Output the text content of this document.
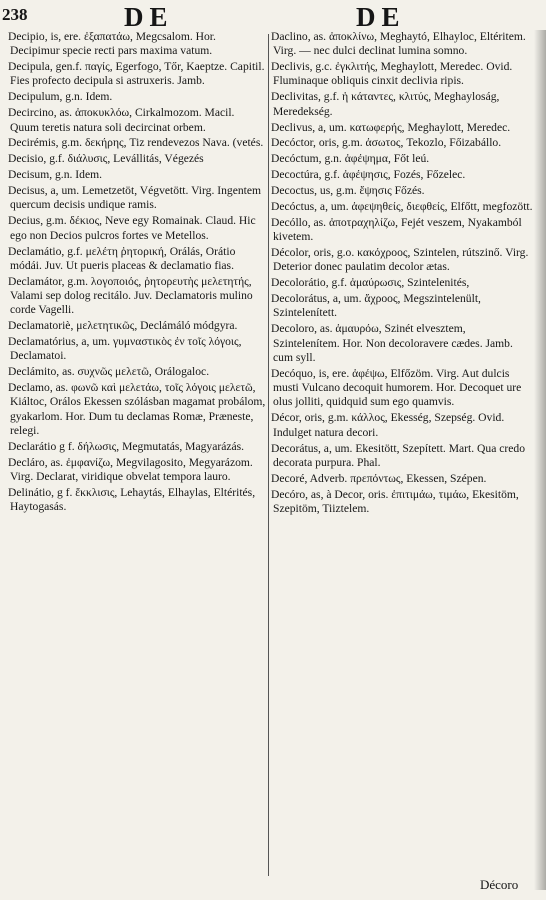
238	DE	DE
Decipio, is, ere. ἐξαπατάω, Megcsalom. Hor. Decipimur specie recti pars maxima vatum.
Decipula, gen.f. παγίς, Egerfogo, Tőr, Kaeptze. Capitil. Fies profecto decipula si astruxeris. Jamb.
Decipulum, g.n. Idem.
Decircino, as. ἀποκυκλόω, Cirkalmozom. Macil. Quum teretis natura soli decircinat orbem.
Decirémis, g.m. δεκήρης, Tiz rendevezos Nava. (vetés.
Decisio, g.f. διάλυσις, Levállitás, Végezés
Decisum, g.n. Idem.
Decisus, a, um. Lemetzetöt, Végvetött. Virg. Ingentem quercum decisis undique ramis.
Decius, g.m. δέκιος, Neve egy Romainak. Claud. Hic ego non Decios pulcros fortes ve Metellos.
Declamátio, g.f. μελέτη ῥητορική, Orálás, Orátio módái. Juv. Ut pueris placeas & declamatio fias.
Declamátor, g.m. λογοποιός, ῥητορευτὴς μελετητής, Valami sep dolog recitálo. Juv. Declamatoris mulino corde Vagelli.
Declamatoriè, μελετητικῶς, Declámáló módgyra.
Declamatórius, a, um. γυμναστικὸς ἐν τοῖς λόγοις, Declamatoi.
Declámito, as. συχνῶς μελετῶ, Orálogaloc.
Declamo, as. φωνῶ καὶ μελετάω, τοῖς λόγοις μελετῶ, Kiáltoc, Orálos Ekessen szólásban magamat probálom, gyakarlom. Hor. Dum tu declamas Romæ, Præneste, relegi.
Declarátio g f. δήλωσις, Megmutatás, Magyarázás.
Decláro, as. ἐμφανίζω, Megvilagosito, Megyarázom. Virg. Declarat, viridique obvelat tempora lauro.
Delinátio, g f. ἔκκλισις, Lehaytás, Elhaylas, Eltérités, Haytogasás.
Daclino, as. ἀποκλίνω, Meghaytó, Elhayloc, Eltéritem. Virg. — nec dulci declinat lumina somno.
Declivis, g.c. ἐγκλιτής, Meghaylott, Meredec. Ovid. Fluminaque obliquis cinxit declivia ripis.
Declivitas, g.f. ἡ κάταντες, κλιτύς, Meghayloság, Meredekség.
Declivus, a, um. κατωφερής, Meghaylott, Meredec.
Decóctor, oris, g.m. ἀσωτος, Tekozlo, Főizabállo.
Decóctum, g.n. ἀφέψημα, Főt leú.
Decoctúra, g.f. ἀφέψησις, Fozés, Főzelec.
Decoctus, us, g.m. ἕψησις Főzés.
Decóctus, a, um. ἀφεψηθείς, διεφθείς, Elfőtt, megfozött.
Decóllo, as. ἀποτραχηλίζω, Fejét veszem, Nyakamból kivetem.
Décolor, oris, g.o. κακόχροος, Szintelen, rútszinő. Virg. Deterior donec paulatim decolor ætas.
Decolorátio, g.f. ἀμαύρωσις, Szintelenités,
Decolorátus, a, um. ἄχροος, Megszintelenült, Szintelenített.
Decoloro, as. ἀμαυρόω, Szinét elvesztem, Szintelenítem. Hor. Non decoloravere cædes. Jamb. cum syll.
Decóquo, is, ere. ἀφέψω, Elfőzöm. Virg. Aut dulcis musti Vulcano decoquit humorem. Hor. Decoquet ure olus jolliti, quidquid sum ego quamvis.
Décor, oris, g.m. κάλλος, Ekesség, Szepség. Ovid. Indulget natura decori.
Decorátus, a, um. Ekesitött, Szepített. Mart. Qua credo decorata purpura. Phal.
Decoré, Adverb. πρεπόντως, Ekessen, Szépen.
Decóro, as, à Decor, oris. ἐπιτιμάω, τιμάω, Ekesitöm, Szepitöm, Tiiztelem.
Décoro
